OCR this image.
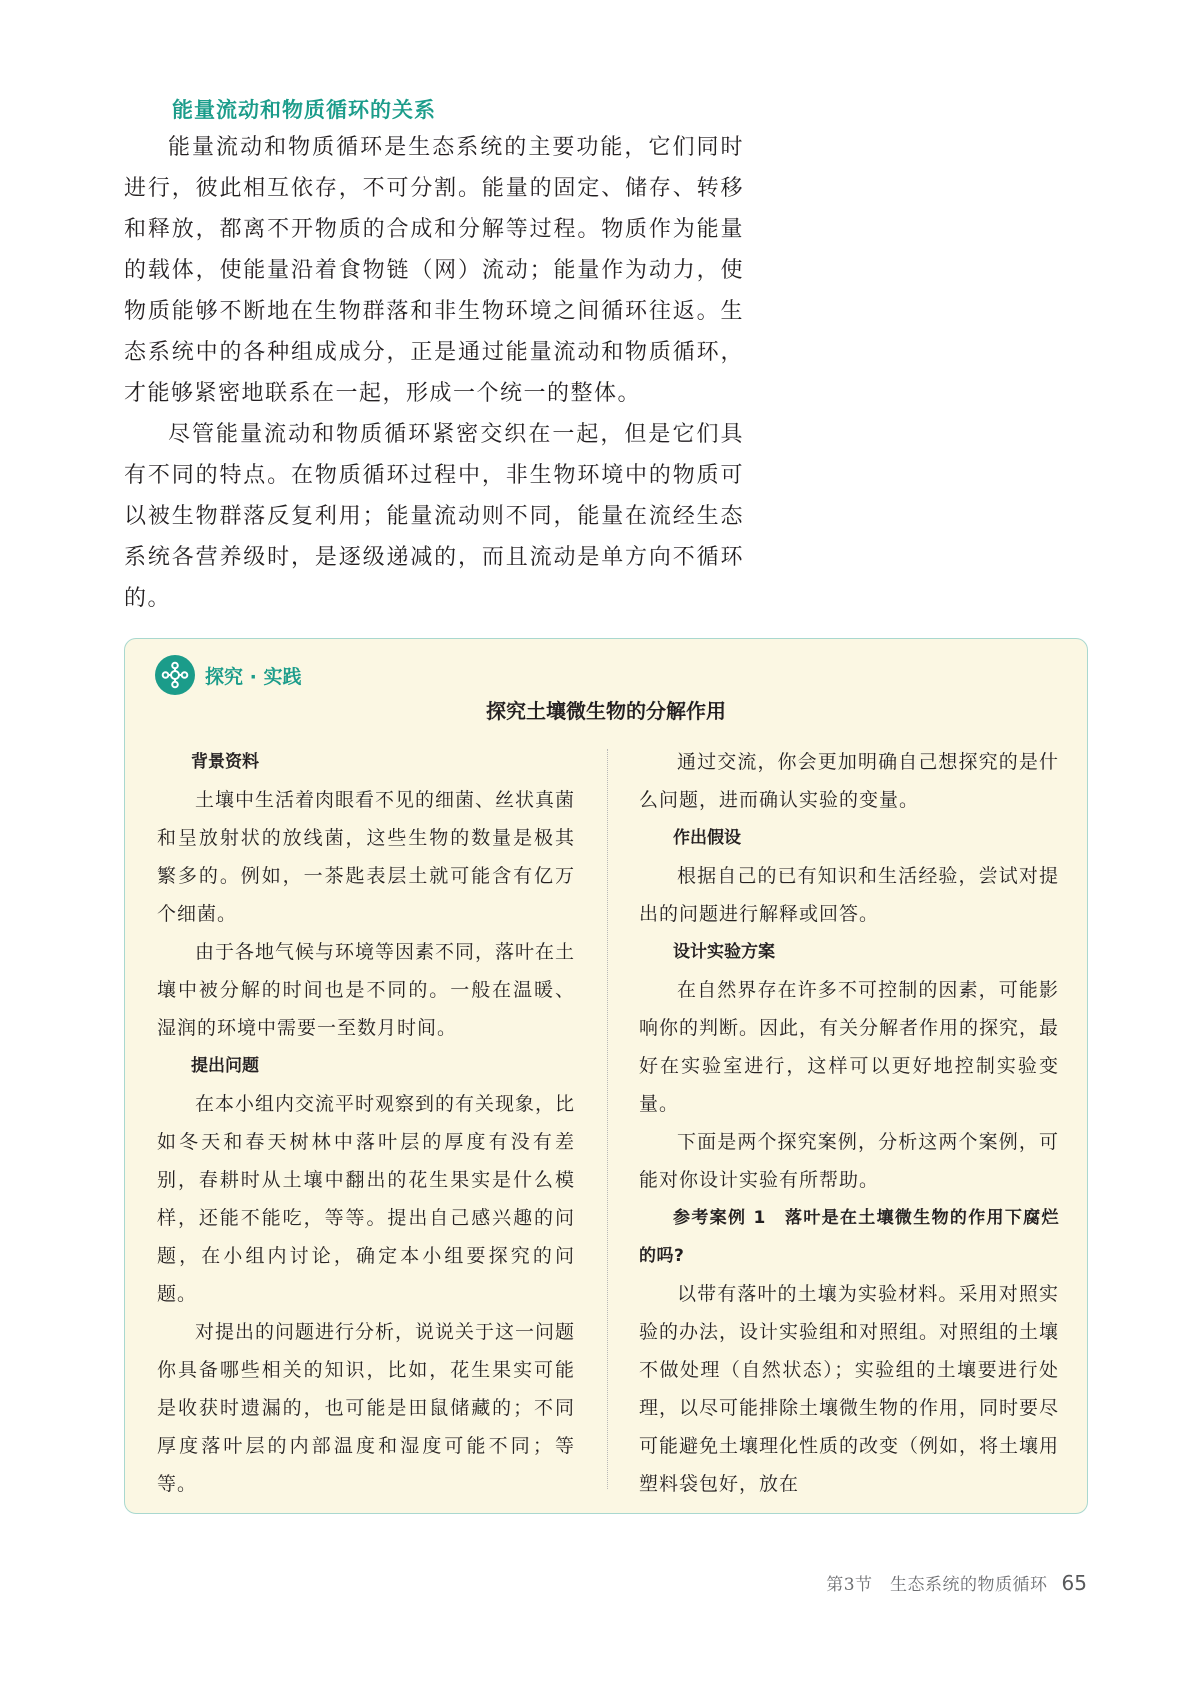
能量流动和物质循环的关系

能量流动和物质循环是生态系统的主要功能，它们同时进行，彼此相互依存，不可分割。能量的固定、储存、转移和释放，都离不开物质的合成和分解等过程。物质作为能量的载体，使能量沿着食物链（网）流动；能量作为动力，使物质能够不断地在生物群落和非生物环境之间循环往返。生态系统中的各种组成成分，正是通过能量流动和物质循环，才能够紧密地联系在一起，形成一个统一的整体。

尽管能量流动和物质循环紧密交织在一起，但是它们具有不同的特点。在物质循环过程中，非生物环境中的物质可以被生物群落反复利用；能量流动则不同，能量在流经生态系统各营养级时，是逐级递减的，而且流动是单方向不循环的。

探究 · 实践
探究土壤微生物的分解作用

背景资料

土壤中生活着肉眼看不见的细菌、丝状真菌和呈放射状的放线菌，这些生物的数量是极其繁多的。例如，一茶匙表层土就可能含有亿万个细菌。

由于各地气候与环境等因素不同，落叶在土壤中被分解的时间也是不同的。一般在温暖、湿润的环境中需要一至数月时间。

提出问题

在本小组内交流平时观察到的有关现象，比如冬天和春天树林中落叶层的厚度有没有差别，春耕时从土壤中翻出的花生果实是什么模样，还能不能吃，等等。提出自己感兴趣的问题，在小组内讨论，确定本小组要探究的问题。

对提出的问题进行分析，说说关于这一问题你具备哪些相关的知识，比如，花生果实可能是收获时遗漏的，也可能是田鼠储藏的；不同厚度落叶层的内部温度和湿度可能不同；等等。

通过交流，你会更加明确自己想探究的是什么问题，进而确认实验的变量。

作出假设

根据自己的已有知识和生活经验，尝试对提出的问题进行解释或回答。

设计实验方案

在自然界存在许多不可控制的因素，可能影响你的判断。因此，有关分解者作用的探究，最好在实验室进行，这样可以更好地控制实验变量。

下面是两个探究案例，分析这两个案例，可能对你设计实验有所帮助。

参考案例 1　落叶是在土壤微生物的作用下腐烂的吗?

以带有落叶的土壤为实验材料。采用对照实验的办法，设计实验组和对照组。对照组的土壤不做处理（自然状态）；实验组的土壤要进行处理，以尽可能排除土壤微生物的作用，同时要尽可能避免土壤理化性质的改变（例如，将土壤用塑料袋包好，放在

第3节　生态系统的物质循环 65
